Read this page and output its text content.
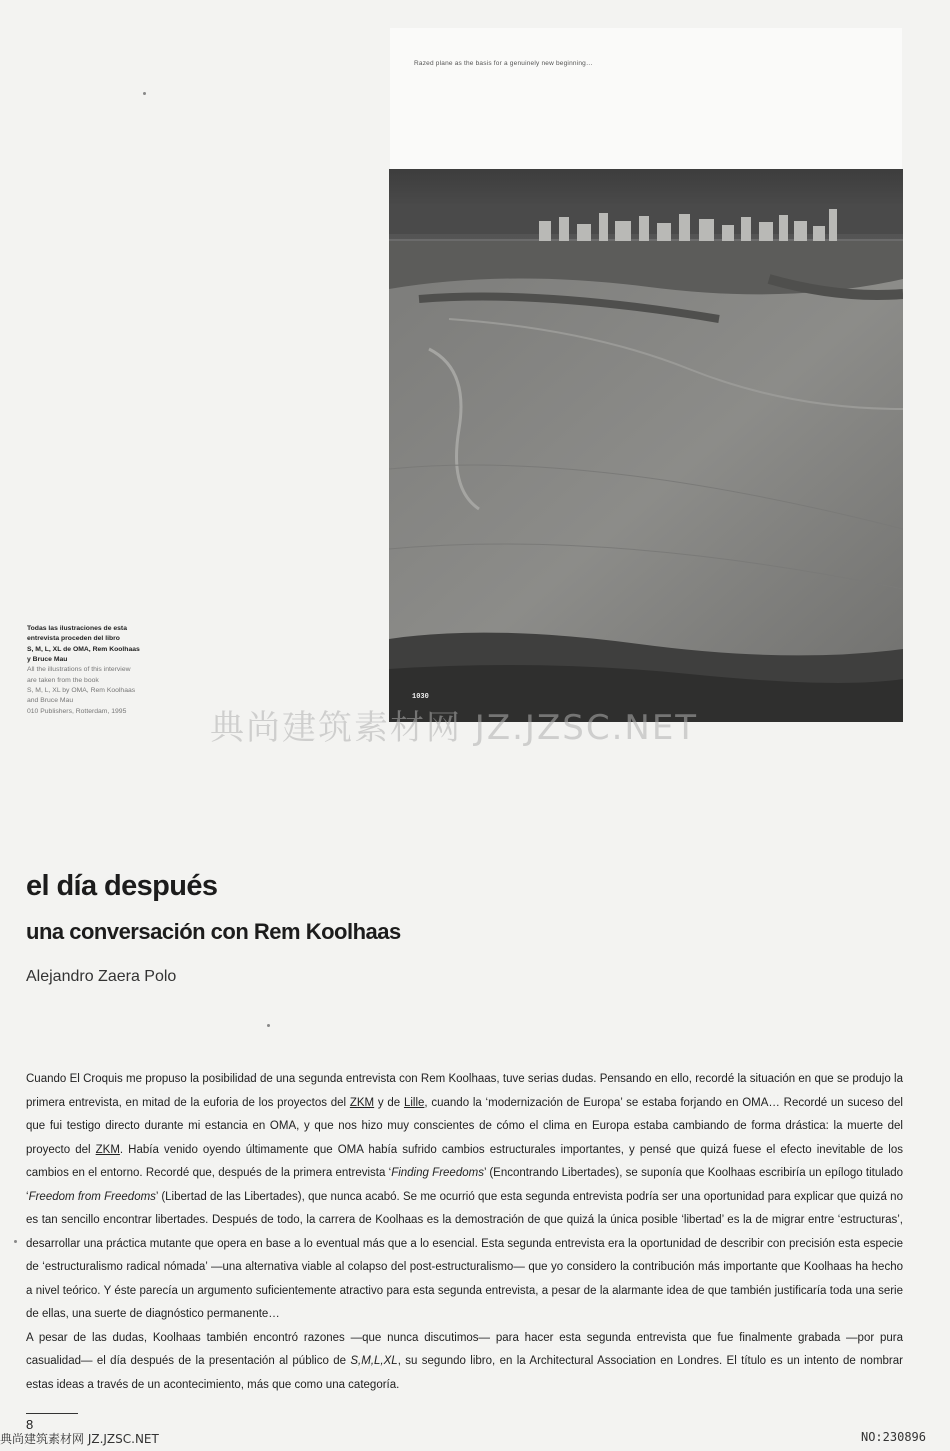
Razed plane as the basis for a genuinely new beginning…
1030
Todas las ilustraciones de esta
entrevista proceden del libro
S, M, L, XL de OMA, Rem Koolhaas
y Bruce Mau
All the illustrations of this interview
are taken from the book
S, M, L, XL by OMA, Rem Koolhaas
and Bruce Mau
010 Publishers, Rotterdam, 1995	典尚建筑素材网 JZ.JZSC.NET
el día después
una conversación con Rem Koolhaas
Alejandro Zaera Polo

Cuando El Croquis me propuso la posibilidad de una segunda entrevista con Rem Koolhaas, tuve serias dudas. Pensando en ello, recordé la situación en que se produjo la primera entrevista, en mitad de la euforia de los proyectos del ZKM y de Lille, cuando la ‘modernización de Europa’ se estaba forjando en OMA… Recordé un suceso del que fui testigo directo durante mi estancia en OMA, y que nos hizo muy conscientes de cómo el clima en Europa estaba cambiando de forma drástica: la muerte del proyecto del ZKM. Había venido oyendo últimamente que OMA había sufrido cambios estructurales importantes, y pensé que quizá fuese el efecto inevitable de los cambios en el entorno. Recordé que, después de la primera entrevista ‘Finding Freedoms’ (Encontrando Libertades), se suponía que Koolhaas escribiría un epílogo titulado ‘Freedom from Freedoms’ (Libertad de las Libertades), que nunca acabó. Se me ocurrió que esta segunda entrevista podría ser una oportunidad para explicar que quizá no es tan sencillo encontrar libertades. Después de todo, la carrera de Koolhaas es la demostración de que quizá la única posible ‘libertad’ es la de migrar entre ‘estructuras’, desarrollar una práctica mutante que opera en base a lo eventual más que a lo esencial. Esta segunda entrevista era la oportunidad de describir con precisión esta especie de ‘estructuralismo radical nómada’ —una alternativa viable al colapso del post-estructuralismo— que yo considero la contribución más importante que Koolhaas ha hecho a nivel teórico. Y éste parecía un argumento suficientemente atractivo para esta segunda entrevista, a pesar de la alarmante idea de que también justificaría toda una serie de ellas, una suerte de diagnóstico permanente…

A pesar de las dudas, Koolhaas también encontró razones —que nunca discutimos— para hacer esta segunda entrevista que fue finalmente grabada —por pura casualidad— el día después de la presentación al público de S,M,L,XL, su segundo libro, en la Architectural Association en Londres. El título es un intento de nombrar estas ideas a través de un acontecimiento, más que como una categoría.

8
典尚建筑素材网 JZ.JZSC.NET	NO:230896
